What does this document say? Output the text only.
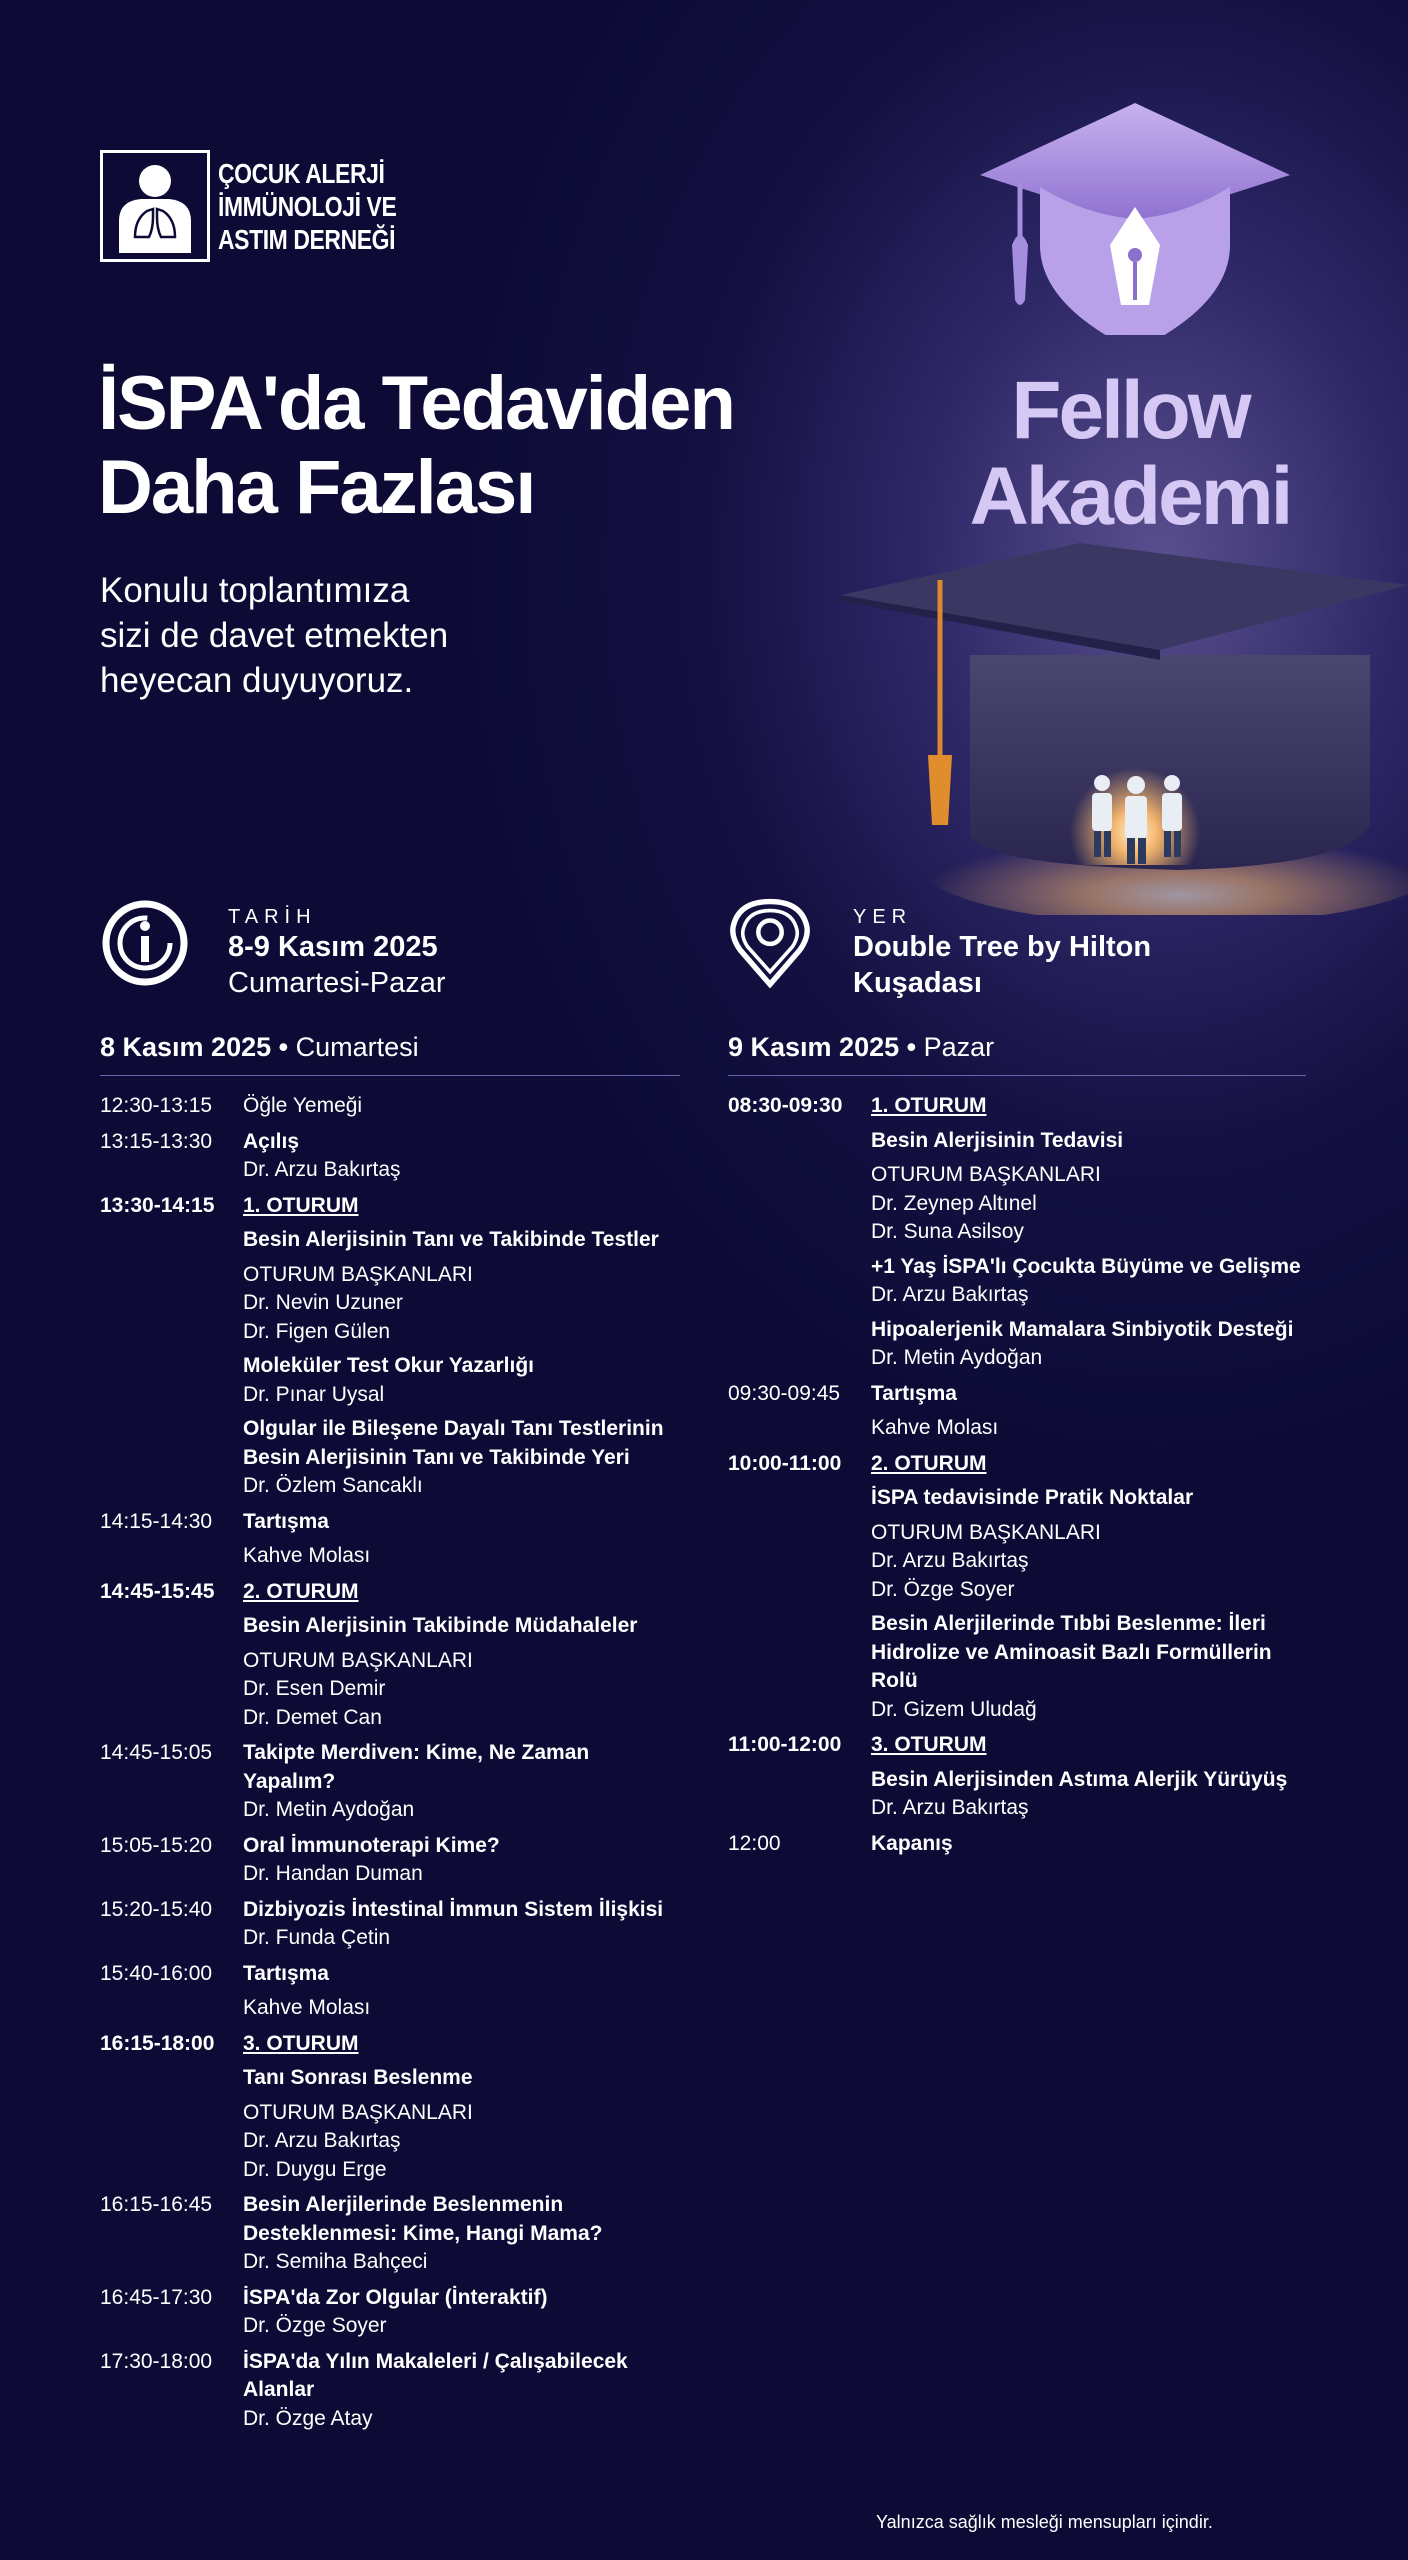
ÇOCUK ALERJİ
İMMÜNOLOJİ VE
ASTIM DERNEĞİ
İSPA'da Tedaviden
Daha Fazlası
Konulu toplantımıza
sizi de davet etmekten
heyecan duyuyoruz.
Fellow
Akademi
TARİH
8-9 Kasım 2025
Cumartesi-Pazar
YER
Double Tree by Hilton
Kuşadası
8 Kasım 2025 • Cumartesi
12:30-13:15	Öğle Yemeği
13:15-13:30	Açılış
Dr. Arzu Bakırtaş
13:30-14:15	1. OTURUM
Besin Alerjisinin Tanı ve Takibinde Testler
OTURUM BAŞKANLARI
Dr. Nevin Uzuner
Dr. Figen Gülen
Moleküler Test Okur Yazarlığı
Dr. Pınar Uysal
Olgular ile Bileşene Dayalı Tanı Testlerinin Besin Alerjisinin Tanı ve Takibinde Yeri
Dr. Özlem Sancaklı
14:15-14:30	Tartışma
Kahve Molası
14:45-15:45	2. OTURUM
Besin Alerjisinin Takibinde Müdahaleler
OTURUM BAŞKANLARI
Dr. Esen Demir
Dr. Demet Can
14:45-15:05	Takipte Merdiven: Kime, Ne Zaman Yapalım?
Dr. Metin Aydoğan
15:05-15:20	Oral İmmunoterapi Kime?
Dr. Handan Duman
15:20-15:40	Dizbiyozis İntestinal İmmun Sistem İlişkisi
Dr. Funda Çetin
15:40-16:00	Tartışma
Kahve Molası
16:15-18:00	3. OTURUM
Tanı Sonrası Beslenme
OTURUM BAŞKANLARI
Dr. Arzu Bakırtaş
Dr. Duygu Erge
16:15-16:45	Besin Alerjilerinde Beslenmenin Desteklenmesi: Kime, Hangi Mama?
Dr. Semiha Bahçeci
16:45-17:30	İSPA'da Zor Olgular (İnteraktif)
Dr. Özge Soyer
17:30-18:00	İSPA'da Yılın Makaleleri / Çalışabilecek Alanlar
Dr. Özge Atay
9 Kasım 2025 • Pazar
08:30-09:30	1. OTURUM
Besin Alerjisinin Tedavisi
OTURUM BAŞKANLARI
Dr. Zeynep Altınel
Dr. Suna Asilsoy
+1 Yaş İSPA'lı Çocukta Büyüme ve Gelişme
Dr. Arzu Bakırtaş
Hipoalerjenik Mamalara Sinbiyotik Desteği
Dr. Metin Aydoğan
09:30-09:45	Tartışma
Kahve Molası
10:00-11:00	2. OTURUM
İSPA tedavisinde Pratik Noktalar
OTURUM BAŞKANLARI
Dr. Arzu Bakırtaş
Dr. Özge Soyer
Besin Alerjilerinde Tıbbi Beslenme: İleri Hidrolize ve Aminoasit Bazlı Formüllerin Rolü
Dr. Gizem Uludağ
11:00-12:00	3. OTURUM
Besin Alerjisinden Astıma Alerjik Yürüyüş
Dr. Arzu Bakırtaş
12:00	Kapanış
Yalnızca sağlık mesleği mensupları içindir.
